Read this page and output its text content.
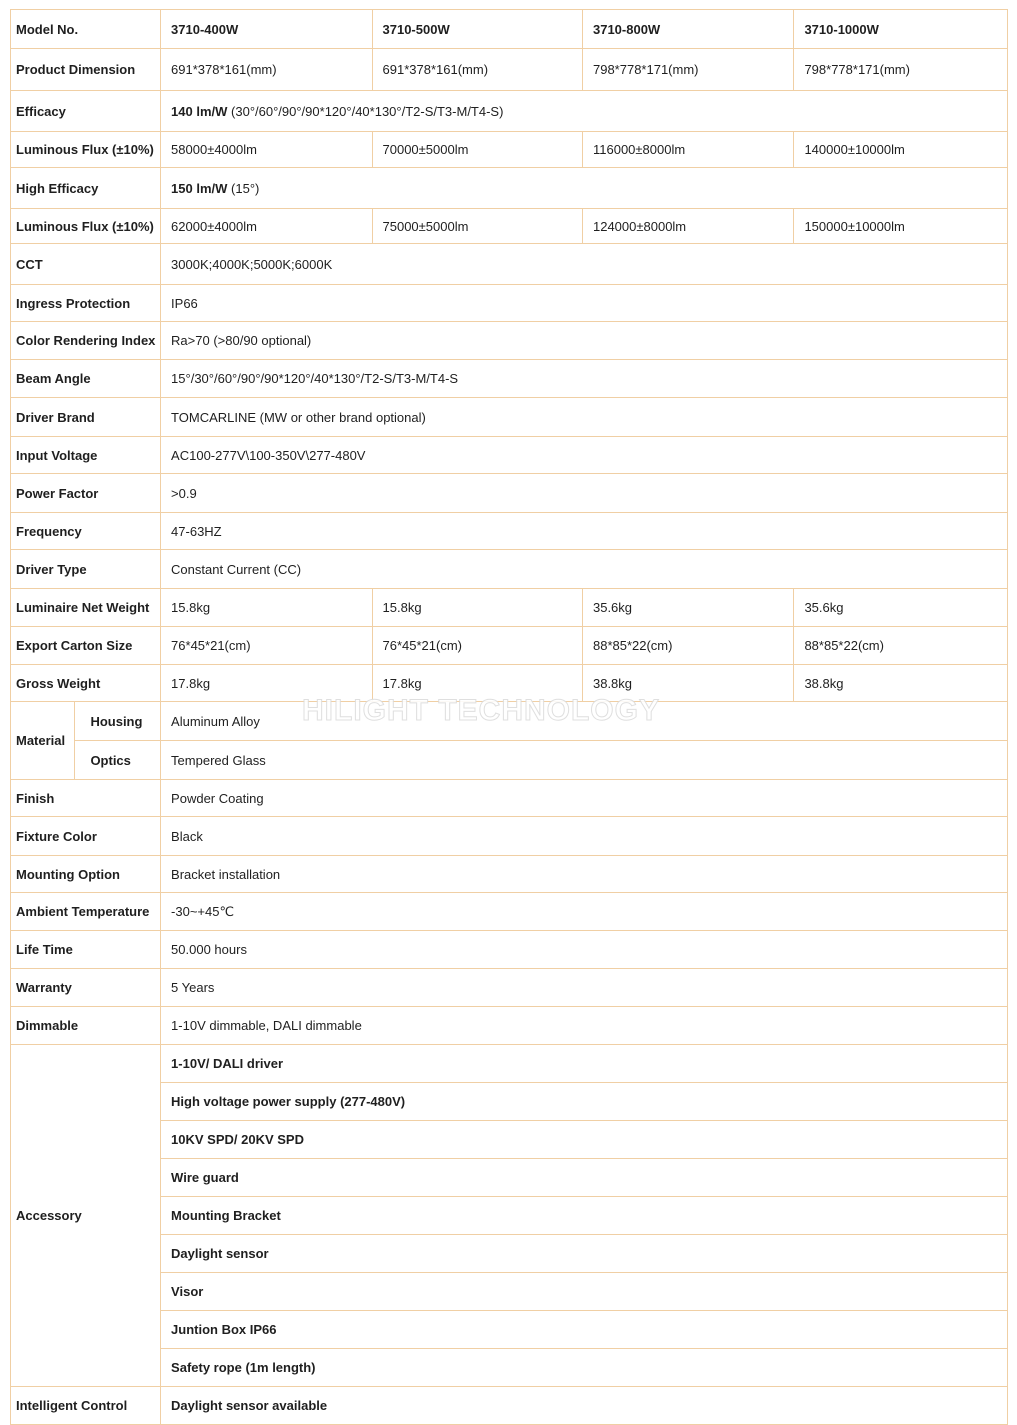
Model No.		3710-400W	3710-500W	3710-800W	3710-1000W
Product Dimension		691*378*161(mm)	691*378*161(mm)	798*778*171(mm)	798*778*171(mm)
Efficacy		140 lm/W (30°/60°/90°/90*120°/40*130°/T2-S/T3-M/T4-S)			
Luminous Flux (±10%)		58000±4000lm	70000±5000lm	116000±8000lm	140000±10000lm
High Efficacy		150 lm/W (15°)			
Luminous Flux (±10%)		62000±4000lm	75000±5000lm	124000±8000lm	150000±10000lm
CCT		3000K;4000K;5000K;6000K			
Ingress Protection		IP66			
Color Rendering Index		Ra>70 (>80/90 optional)			
Beam Angle		15°/30°/60°/90°/90*120°/40*130°/T2-S/T3-M/T4-S			
Driver Brand		TOMCARLINE (MW or other brand optional)			
Input Voltage		AC100-277V\100-350V\277-480V			
Power Factor		>0.9			
Frequency		47-63HZ			
Driver Type		Constant Current (CC)			
Luminaire Net Weight		15.8kg	15.8kg	35.6kg	35.6kg
Export Carton Size		76*45*21(cm)	76*45*21(cm)	88*85*22(cm)	88*85*22(cm)
Gross Weight		17.8kg	17.8kg	38.8kg	38.8kg
Material	Housing	Aluminum Alloy			
	Optics	Tempered Glass			
Finish		Powder Coating			
Fixture Color		Black			
Mounting Option		Bracket installation			
Ambient Temperature		-30~+45℃			
Life Time		50.000 hours			
Warranty		5 Years			
Dimmable		1-10V dimmable, DALI dimmable			
Accessory		1-10V/ DALI driver			
		High voltage power supply (277-480V)			
		10KV SPD/ 20KV SPD			
		Wire guard			
		Mounting Bracket			
		Daylight sensor			
		Visor			
		Juntion Box IP66			
		Safety rope (1m length)			
Intelligent Control		Daylight sensor available			
HILIGHT TECHNOLOGY
